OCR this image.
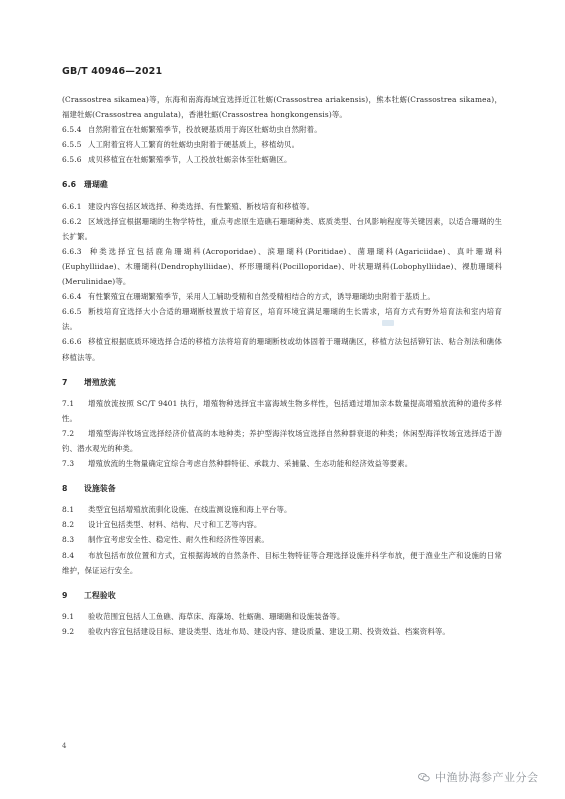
GB/T 40946—2021

(Crassostrea sikamea)等，东海和南海海域宜选择近江牡蛎(Crassostrea ariakensis)，熊本牡蛎(Crassostrea sikamea)，福建牡蛎(Crassostrea angulata)，香港牡蛎(Crassostrea hongkongensis)等。

6.5.4 自然附着宜在牡蛎繁殖季节，投放硬基质用于海区牡蛎幼虫自然附着。

6.5.5 人工附着宜将人工繁育的牡蛎幼虫附着于硬基质上，移植幼贝。

6.5.6 成贝移植宜在牡蛎繁殖季节，人工投放牡蛎亲体至牡蛎礁区。

6.6 珊瑚礁

6.6.1 建设内容包括区域选择、种类选择、有性繁殖、断枝培育和移植等。

6.6.2 区域选择宜根据珊瑚的生物学特性，重点考虑原生造礁石珊瑚种类、底质类型、台风影响程度等关键因素，以适合珊瑚的生长扩繁。

6.6.3 种类选择宜包括鹿角珊瑚科(Acroporidae)、滨珊瑚科(Poritidae)、菌珊瑚科(Agariciidae)、真叶珊瑚科(Euphylliidae)、木珊瑚科(Dendrophylliidae)、杯形珊瑚科(Pocilloporidae)、叶状珊瑚科(Lobophylliidae)、裸肋珊瑚科(Merulinidae)等。

6.6.4 有性繁殖宜在珊瑚繁殖季节，采用人工辅助受精和自然受精相结合的方式，诱导珊瑚幼虫附着于基质上。

6.6.5 断枝培育宜选择大小合适的珊瑚断枝置放于培育区，培育环境宜满足珊瑚的生长需求，培育方式有野外培育法和室内培育法。

6.6.6 移植宜根据底质环境选择合适的移植方法将培育的珊瑚断枝或幼体固着于珊瑚礁区，移植方法包括铆钉法、粘合剂法和礁体移植法等。

7 增殖放流

7.1 增殖放流按照 SC/T 9401 执行，增殖物种选择宜丰富海域生物多样性，包括通过增加亲本数量提高增殖放流种的遗传多样性。

7.2 增殖型海洋牧场宜选择经济价值高的本地种类；养护型海洋牧场宜选择自然种群衰退的种类；休闲型海洋牧场宜选择适于游钓、潜水观光的种类。

7.3 增殖放流的生物量确定宜综合考虑自然种群特征、承载力、采捕量、生态功能和经济效益等要素。

8 设施装备

8.1 类型宜包括增殖放流驯化设施、在线监测设施和海上平台等。

8.2 设计宜包括类型、材料、结构、尺寸和工艺等内容。

8.3 制作宜考虑安全性、稳定性、耐久性和经济性等因素。

8.4 布放包括布放位置和方式，宜根据海域的自然条件、目标生物特征等合理选择设施并科学布放，便于渔业生产和设施的日常维护，保证运行安全。

9 工程验收

9.1 验收范围宜包括人工鱼礁、海草床、海藻场、牡蛎礁、珊瑚礁和设施装备等。

9.2 验收内容宜包括建设目标、建设类型、选址布局、建设内容、建设质量、建设工期、投资效益、档案资料等。

4
中渔协海参产业分会
